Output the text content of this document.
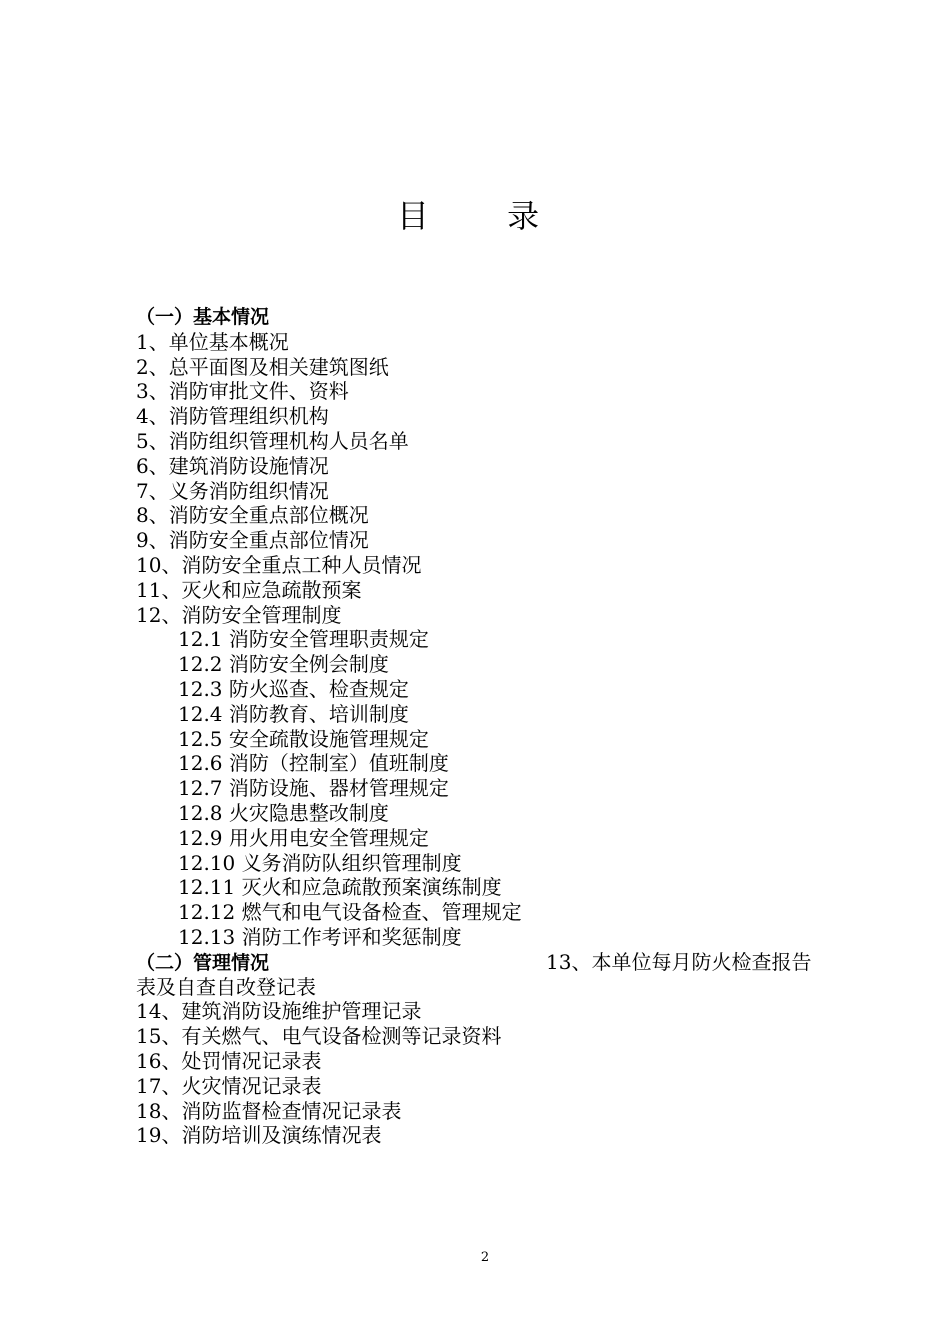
目 录
（一）基本情况
1、单位基本概况
2、总平面图及相关建筑图纸
3、消防审批文件、资料
4、消防管理组织机构
5、消防组织管理机构人员名单
6、建筑消防设施情况
7、义务消防组织情况
8、消防安全重点部位概况
9、消防安全重点部位情况
10、消防安全重点工种人员情况
11、灭火和应急疏散预案
12、消防安全管理制度
12.1 消防安全管理职责规定
12.2 消防安全例会制度
12.3 防火巡查、检查规定
12.4 消防教育、培训制度
12.5 安全疏散设施管理规定
12.6 消防（控制室）值班制度
12.7 消防设施、器材管理规定
12.8 火灾隐患整改制度
12.9 用火用电安全管理规定
12.10 义务消防队组织管理制度
12.11 灭火和应急疏散预案演练制度
12.12 燃气和电气设备检查、管理规定
12.13 消防工作考评和奖惩制度
（二）管理情况	13、本单位每月防火检查报告
表及自查自改登记表
14、建筑消防设施维护管理记录
15、有关燃气、电气设备检测等记录资料
16、处罚情况记录表
17、火灾情况记录表
18、消防监督检查情况记录表
19、消防培训及演练情况表
2
